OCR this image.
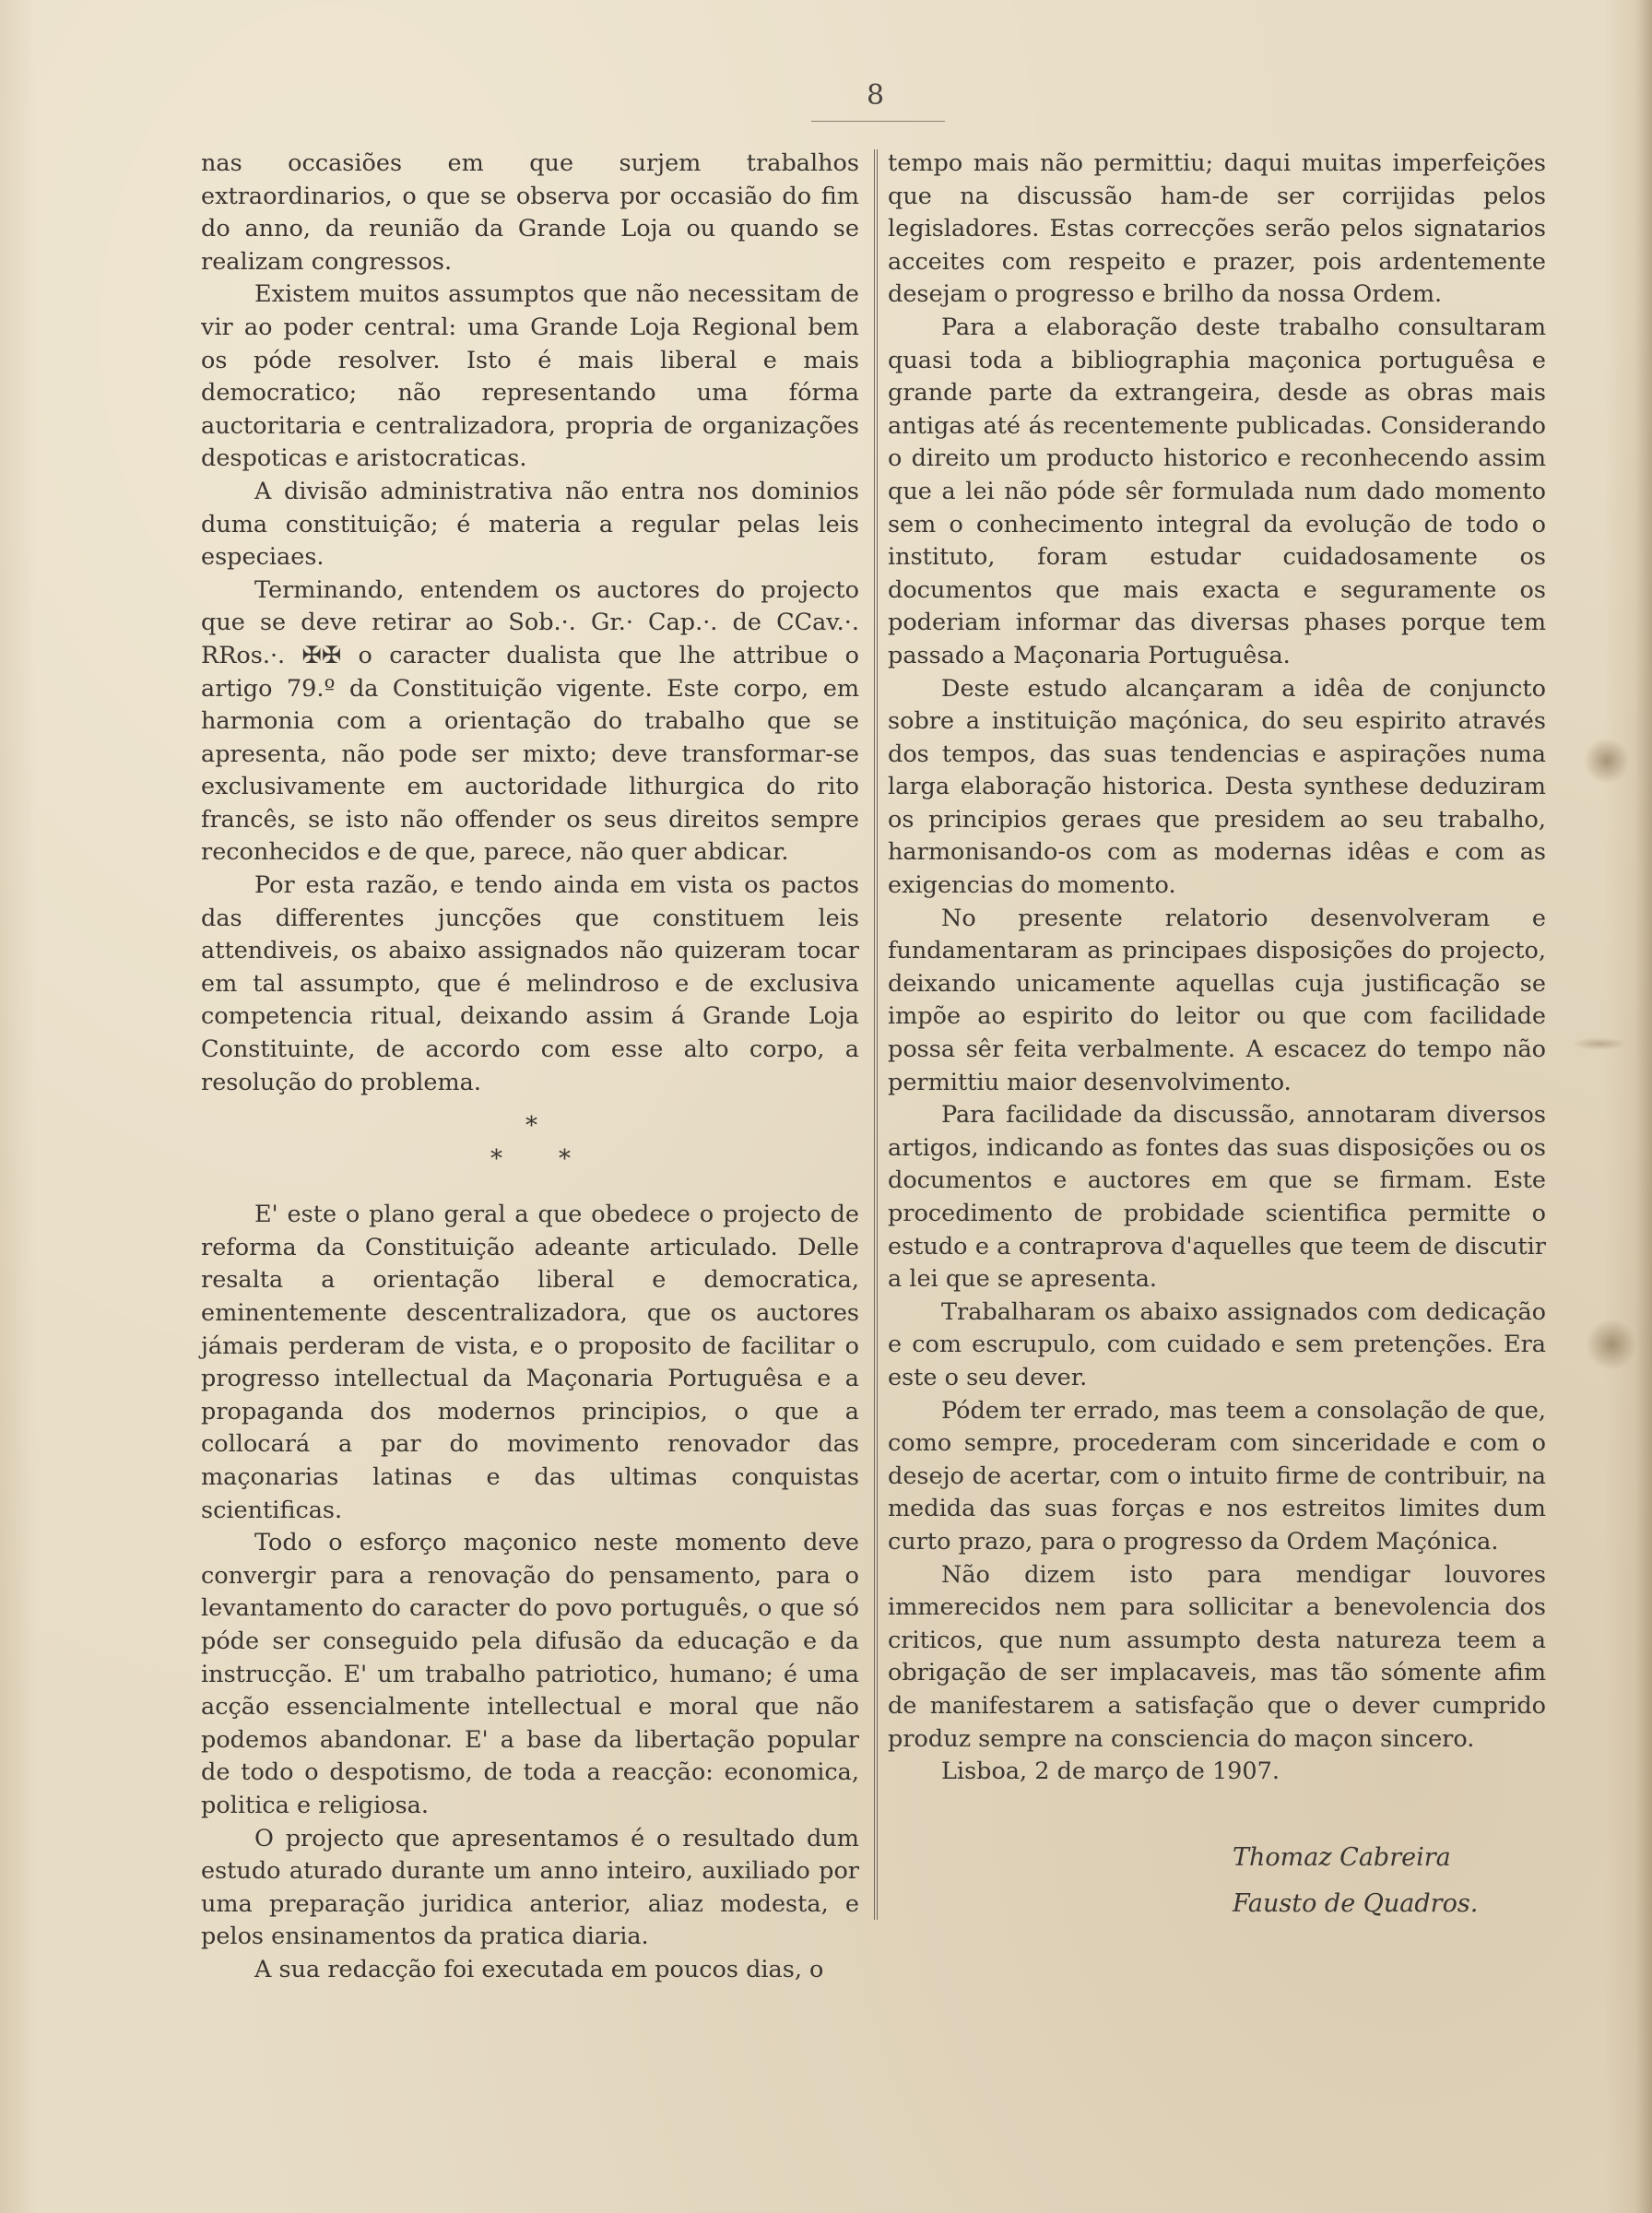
8

nas occasiões em que surjem trabalhos extraordinarios, o que se observa por occasião do fim do anno, da reunião da Grande Loja ou quando se realizam congressos.

Existem muitos assumptos que não necessitam de vir ao poder central: uma Grande Loja Regional bem os póde resolver. Isto é mais liberal e mais democratico; não representando uma fórma auctoritaria e centralizadora, propria de organizações despoticas e aristocraticas.

A divisão administrativa não entra nos dominios duma constituição; é materia a regular pelas leis especiaes.

Terminando, entendem os auctores do projecto que se deve retirar ao Sob.·. Gr.· Cap.·. de CCav.·. RRos.·. ✠✠ o caracter dualista que lhe attribue o artigo 79.º da Constituição vigente. Este corpo, em harmonia com a orientação do trabalho que se apresenta, não pode ser mixto; deve transformar-se exclusivamente em auctoridade lithurgica do rito francês, se isto não offender os seus direitos sempre reconhecidos e de que, parece, não quer abdicar.

Por esta razão, e tendo ainda em vista os pactos das differentes juncções que constituem leis attendiveis, os abaixo assignados não quizeram tocar em tal assumpto, que é melindroso e de exclusiva competencia ritual, deixando assim á Grande Loja Constituinte, de accordo com esse alto corpo, a resolução do problema.

*
* *

E' este o plano geral a que obedece o projecto de reforma da Constituição adeante articulado. Delle resalta a orientação liberal e democratica, eminentemente descentralizadora, que os auctores jámais perderam de vista, e o proposito de facilitar o progresso intellectual da Maçonaria Portuguêsa e a propaganda dos modernos principios, o que a collocará a par do movimento renovador das maçonarias latinas e das ultimas conquistas scientificas.

Todo o esforço maçonico neste momento deve convergir para a renovação do pensamento, para o levantamento do caracter do povo português, o que só póde ser conseguido pela difusão da educação e da instrucção. E' um trabalho patriotico, humano; é uma acção essencialmente intellectual e moral que não podemos abandonar. E' a base da libertação popular de todo o despotismo, de toda a reacção: economica, politica e religiosa.

O projecto que apresentamos é o resultado dum estudo aturado durante um anno inteiro, auxiliado por uma preparação juridica anterior, aliaz modesta, e pelos ensinamentos da pratica diaria.

A sua redacção foi executada em poucos dias, o

tempo mais não permittiu; daqui muitas imperfeições que na discussão ham-de ser corrijidas pelos legisladores. Estas correcções serão pelos signatarios acceites com respeito e prazer, pois ardentemente desejam o progresso e brilho da nossa Ordem.

Para a elaboração deste trabalho consultaram quasi toda a bibliographia maçonica portuguêsa e grande parte da extrangeira, desde as obras mais antigas até ás recentemente publicadas. Considerando o direito um producto historico e reconhecendo assim que a lei não póde sêr formulada num dado momento sem o conhecimento integral da evolução de todo o instituto, foram estudar cuidadosamente os documentos que mais exacta e seguramente os poderiam informar das diversas phases porque tem passado a Maçonaria Portuguêsa.

Deste estudo alcançaram a idêa de conjuncto sobre a instituição maçónica, do seu espirito através dos tempos, das suas tendencias e aspirações numa larga elaboração historica. Desta synthese deduziram os principios geraes que presidem ao seu trabalho, harmonisando-os com as modernas idêas e com as exigencias do momento.

No presente relatorio desenvolveram e fundamentaram as principaes disposições do projecto, deixando unicamente aquellas cuja justificação se impõe ao espirito do leitor ou que com facilidade possa sêr feita verbalmente. A escacez do tempo não permittiu maior desenvolvimento.

Para facilidade da discussão, annotaram diversos artigos, indicando as fontes das suas disposições ou os documentos e auctores em que se firmam. Este procedimento de probidade scientifica permitte o estudo e a contraprova d'aquelles que teem de discutir a lei que se apresenta.

Trabalharam os abaixo assignados com dedicação e com escrupulo, com cuidado e sem pretenções. Era este o seu dever.

Pódem ter errado, mas teem a consolação de que, como sempre, procederam com sinceridade e com o desejo de acertar, com o intuito firme de contribuir, na medida das suas forças e nos estreitos limites dum curto prazo, para o progresso da Ordem Maçónica.

Não dizem isto para mendigar louvores immerecidos nem para sollicitar a benevolencia dos criticos, que num assumpto desta natureza teem a obrigação de ser implacaveis, mas tão sómente afim de manifestarem a satisfação que o dever cumprido produz sempre na consciencia do maçon sincero.

Lisboa, 2 de março de 1907.

Thomaz Cabreira
Fausto de Quadros.
